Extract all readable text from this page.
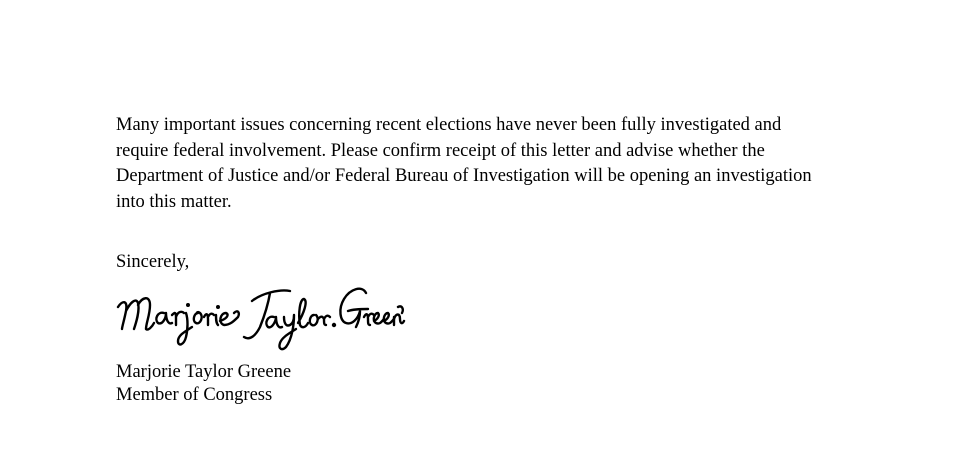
Many important issues concerning recent elections have never been fully investigated and
require federal involvement. Please confirm receipt of this letter and advise whether the
Department of Justice and/or Federal Bureau of Investigation will be opening an investigation
into this matter.

Sincerely,

Marjorie Taylor Greene

Member of Congress
